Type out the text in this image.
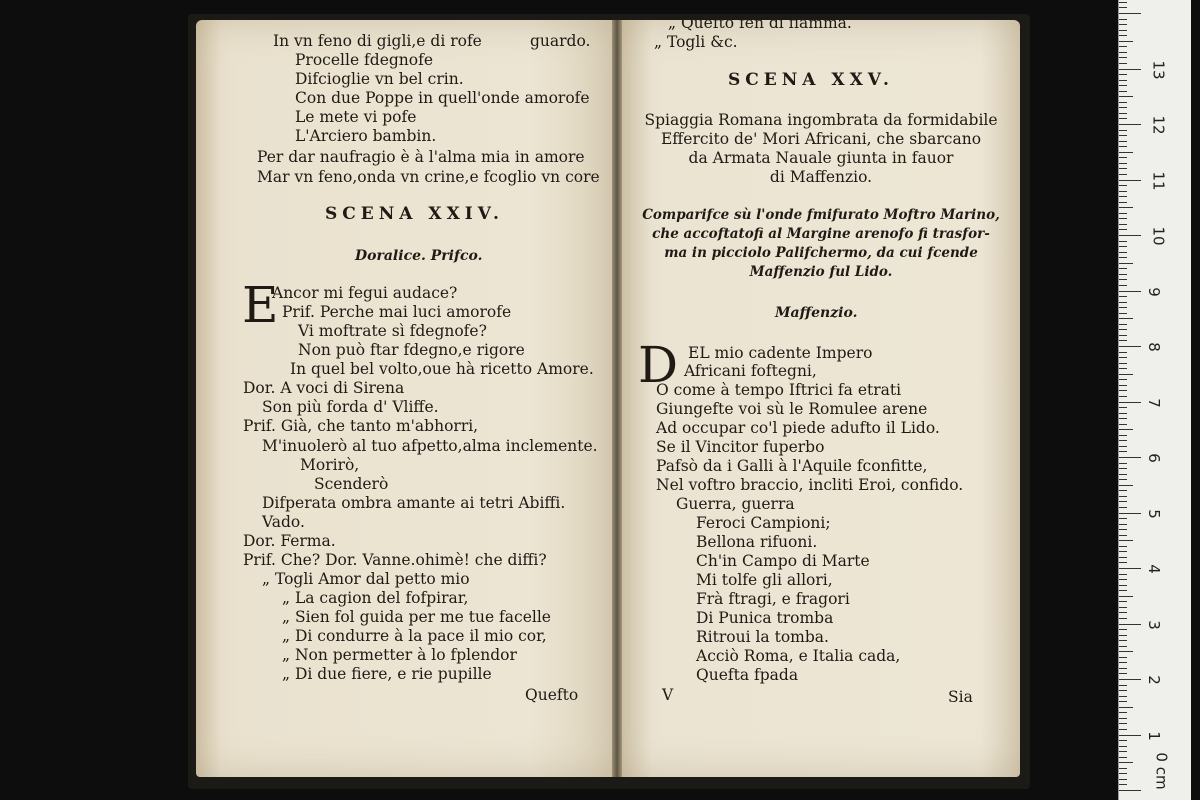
In vn feno di gigli,e di rofe	guardo.
Procelle fdegnofe
Difcioglie vn bel crin.
Con due Poppe in quell'onde amorofe
Le mete vi pofe
L'Arciero bambin.
Per dar naufragio è à l'alma mia in amore
Mar vn feno,onda vn crine,e fcoglio vn core
SCENA XXIV.
Doralice. Prifco.
E
Ancor mi fegui audace?
Prif. Perche mai luci amorofe
Vi moftrate sì fdegnofe?
Non può ftar fdegno,e rigore
In quel bel volto,oue hà ricetto Amore.
Dor. A voci di Sirena
Son più forda d' Vliffe.
Prif. Già, che tanto m'abhorri,
M'inuolerò al tuo afpetto,alma inclemente.
Morirò,
Scenderò
Difperata ombra amante ai tetri Abiffi.
Vado.
Dor. Ferma.
Prif. Che? Dor. Vanne.ohimè! che diffi?
„ Togli Amor dal petto mio
„ La cagion del fofpirar,
„ Sien fol guida per me tue facelle
„ Di condurre à la pace il mio cor,
„ Non permetter à lo fplendor
„ Di due fiere, e rie pupille
Quefto
„ Quefto fen di fiamma.
„ Togli &c.
SCENA XXV.
Spiaggia Romana ingombrata da formidabile
Effercito de' Mori Africani, che sbarcano
da Armata Nauale giunta in fauor
di Maffenzio.
Comparifce sù l'onde fmifurato Moftro Marino,
che accoftatofi al Margine arenofo fi trasfor-
ma in picciolo Palifchermo, da cui fcende
Maffenzio ful Lido.
Maffenzio.
D EL mio cadente Impero
Africani foftegni,
O come à tempo Iftrici fa etrati
Giungefte voi sù le Romulee arene
Ad occupar co'l piede adufto il Lido.
Se il Vincitor fuperbo
Pafsò da i Galli à l'Aquile fconfitte,
Nel voftro braccio, incliti Eroi, confido.
Guerra, guerra
Feroci Campioni;
Bellona rifuoni.
Ch'in Campo di Marte
Mi tolfe gli allori,
Frà ftragi, e fragori
Di Punica tromba
Ritroui la tomba.
Acciò Roma, e Italia cada,
Quefta fpada
V	Sia
0 cm
1
2
3
4
5
6
7
8
9
10
11
12
13
